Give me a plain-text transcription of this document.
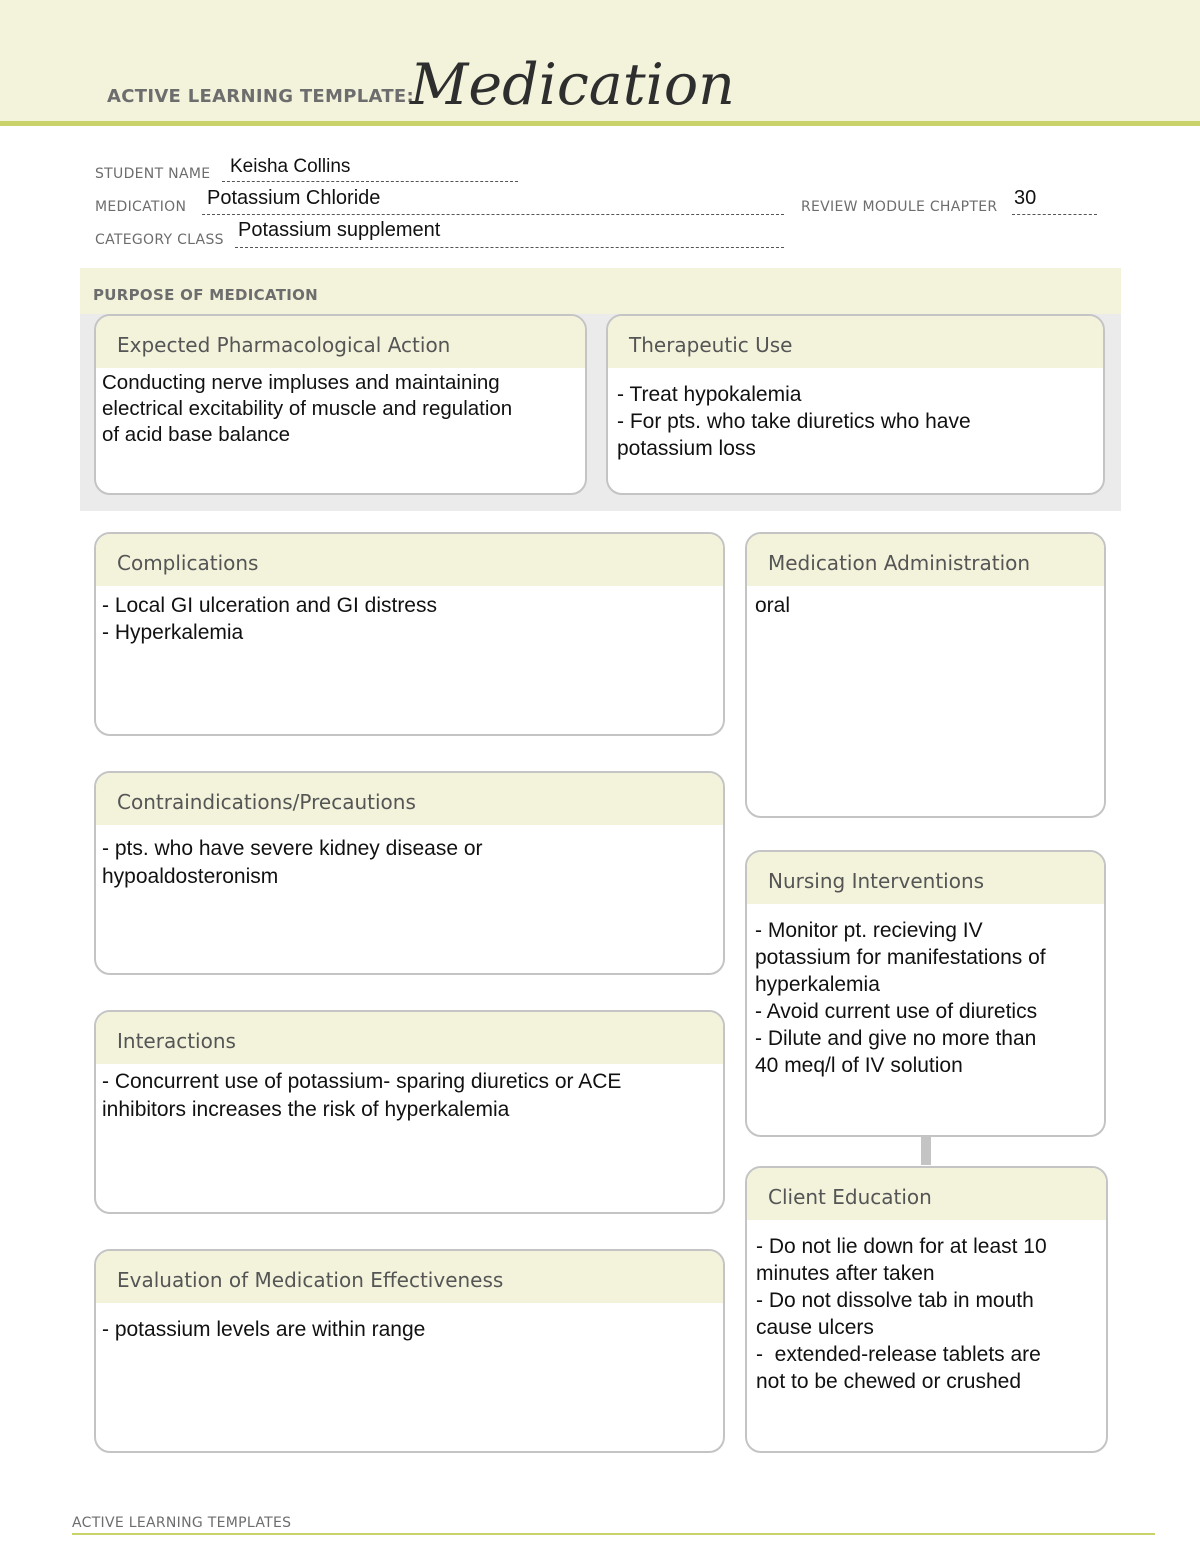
ACTIVE LEARNING TEMPLATE:
Medication
STUDENT NAME Keisha Collins
MEDICATION Potassium Chloride	REVIEW MODULE CHAPTER 30
CATEGORY CLASS Potassium supplement
PURPOSE OF MEDICATION
Expected Pharmacological Action
Conducting nerve impluses and maintaining
electrical excitability of muscle and regulation
of acid base balance
Therapeutic Use
- Treat hypokalemia
- For pts. who take diuretics who have
potassium loss
Complications
- Local GI ulceration and GI distress
- Hyperkalemia
Medication Administration
oral
Contraindications/Precautions
- pts. who have severe kidney disease or
hypoaldosteronism	Nursing Interventions
- Monitor pt. recieving IV
potassium for manifestations of
hyperkalemia
- Avoid current use of diuretics
- Dilute and give no more than
40 meq/l of IV solution
Interactions
- Concurrent use of potassium- sparing diuretics or ACE
inhibitors increases the risk of hyperkalemia
Client Education
- Do not lie down for at least 10
minutes after taken
- Do not dissolve tab in mouth
cause ulcers
-  extended-release tablets are
not to be chewed or crushed
Evaluation of Medication Effectiveness
- potassium levels are within range
ACTIVE LEARNING TEMPLATES
